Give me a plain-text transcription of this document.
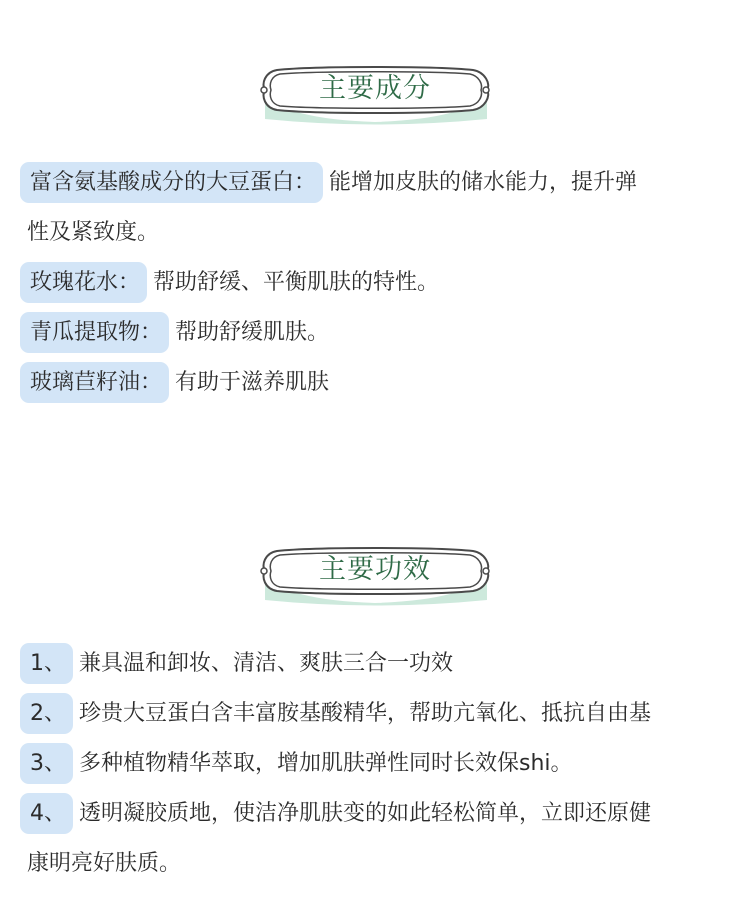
主要成分
富含氨基酸成分的大豆蛋白： 能增加皮肤的储水能力，提升弹
性及紧致度。
玫瑰花水： 帮助舒缓、平衡肌肤的特性。
青瓜提取物： 帮助舒缓肌肤。
玻璃苣籽油： 有助于滋养肌肤
主要功效
1、 兼具温和卸妆、清洁、爽肤三合一功效
2、 珍贵大豆蛋白含丰富胺基酸精华，帮助亢氧化、抵抗自由基
3、 多种植物精华萃取，增加肌肤弹性同时长效保shi。
4、 透明凝胶质地，使洁净肌肤变的如此轻松简单，立即还原健
康明亮好肤质。
